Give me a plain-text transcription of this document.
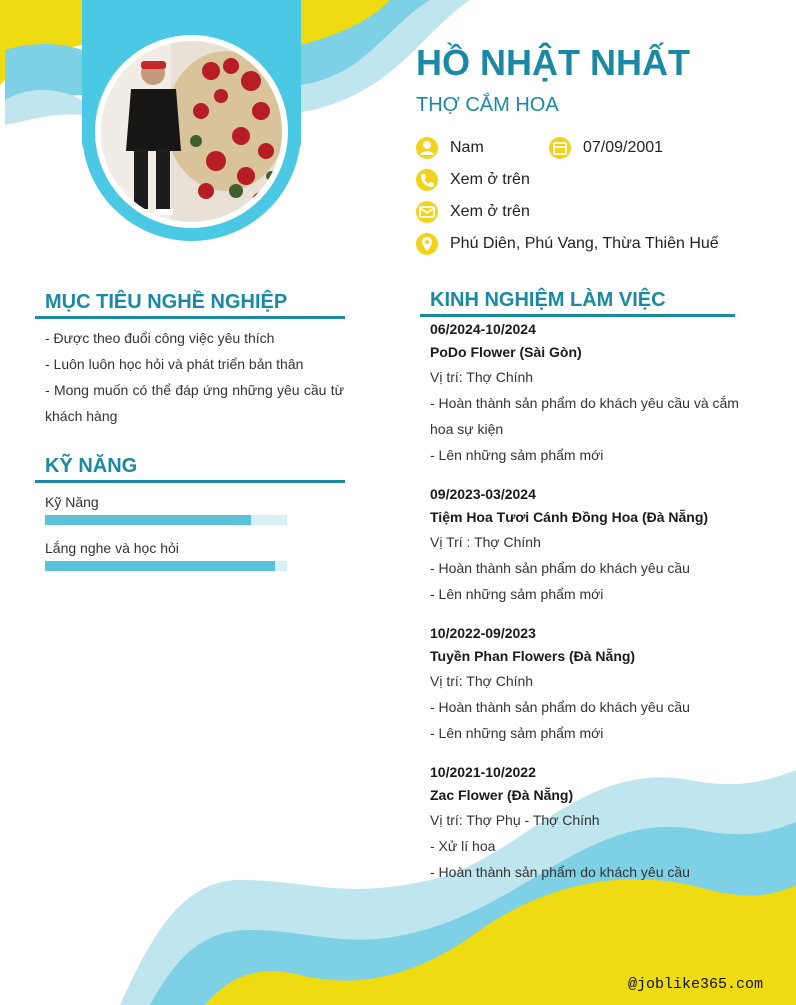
HỒ NHẬT NHẤT
THỢ CẮM HOA
Nam	07/09/2001
Xem ở trên
Xem ở trên
Phú Diên, Phú Vang, Thừa Thiên Huế
MỤC TIÊU NGHỀ NGHIỆP
- Được theo đuổi công việc yêu thích
- Luôn luôn học hỏi và phát triển bản thân
- Mong muốn có thể đáp ứng những yêu cầu từ
khách hàng
KỸ NĂNG
Kỹ Năng
Lắng nghe và học hỏi
KINH NGHIỆM LÀM VIỆC
06/2024-10/2024
PoDo Flower (Sài Gòn)
Vị trí: Thợ Chính
- Hoàn thành sản phẩm do khách yêu cầu và cắm
hoa sự kiện
- Lên những sảm phẩm mới
09/2023-03/2024
Tiệm Hoa Tươi Cánh Đồng Hoa (Đà Nẵng)
Vị Trí : Thợ Chính
- Hoàn thành sản phẩm do khách yêu cầu
- Lên những sảm phẩm mới
10/2022-09/2023
Tuyền Phan Flowers (Đà Nẵng)
Vị trí: Thợ Chính
- Hoàn thành sản phẩm do khách yêu cầu
- Lên những sảm phẩm mới
10/2021-10/2022
Zac Flower (Đà Nẵng)
Vị trí: Thợ Phụ - Thợ Chính
- Xử lí hoa
- Hoàn thành sản phẩm do khách yêu cầu
@joblike365.com
